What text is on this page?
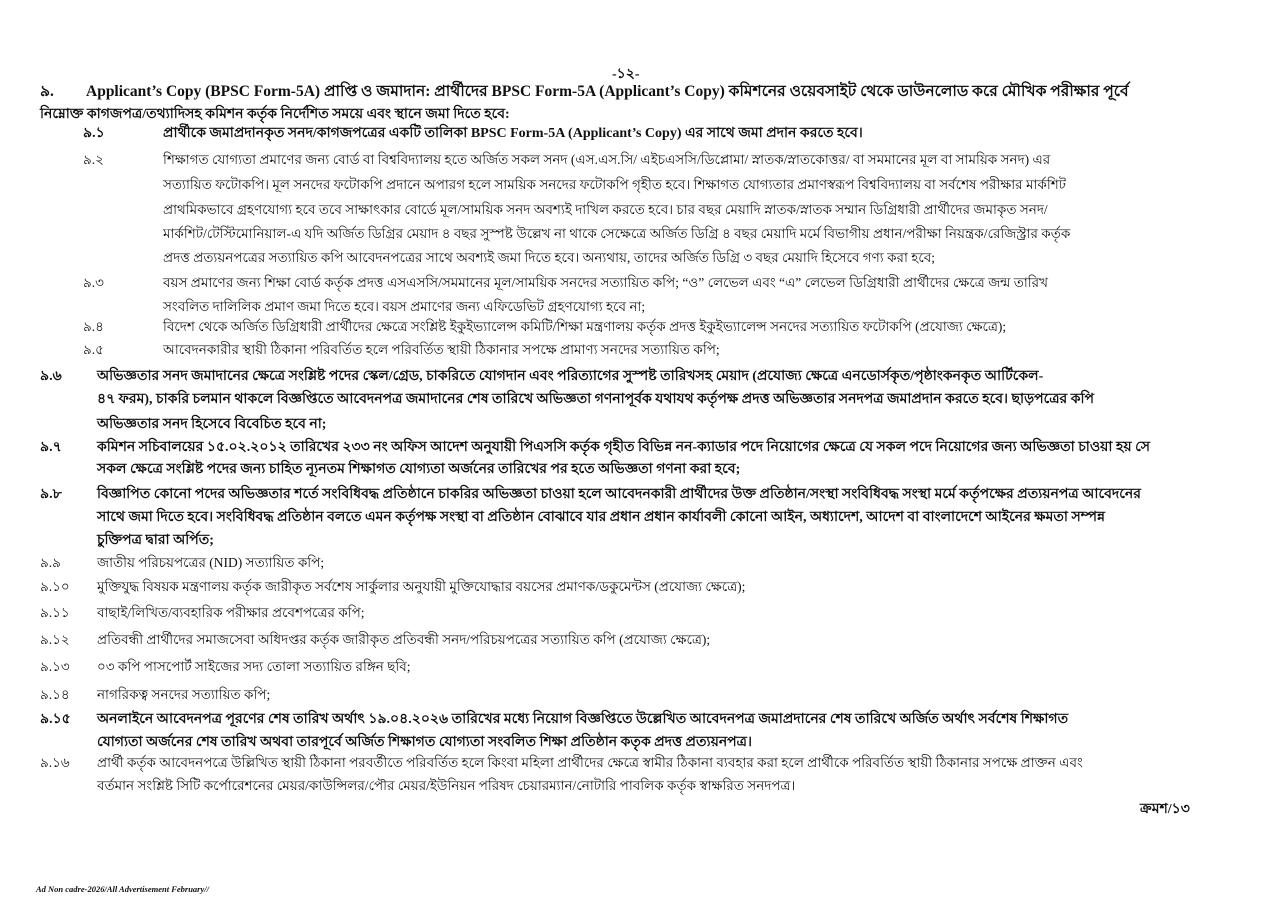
-১২-
৯. Applicant’s Copy (BPSC Form-5A) প্রাপ্তি ও জমাদান: প্রার্থীদের BPSC Form-5A (Applicant’s Copy) কমিশনের ওয়েবসাইট থেকে ডাউনলোড করে মৌখিক পরীক্ষার পূর্বে
নিম্নোক্ত কাগজপত্র/তথ্যাদিসহ কমিশন কর্তৃক নির্দেশিত সময়ে এবং স্থানে জমা দিতে হবে:
৯.১	প্রার্থীকে জমাপ্রদানকৃত সনদ/কাগজপত্রের একটি তালিকা BPSC Form-5A (Applicant’s Copy) এর সাথে জমা প্রদান করতে হবে।
৯.২	শিক্ষাগত যোগ্যতা প্রমাণের জন্য বোর্ড বা বিশ্ববিদ্যালয় হতে অর্জিত সকল সনদ (এস.এস.সি/ এইচএসসি/ডিপ্লোমা/ স্নাতক/স্নাতকোত্তর/ বা সমমানের মূল বা সাময়িক সনদ) এর
সত্যায়িত ফটোকপি। মূল সনদের ফটোকপি প্রদানে অপারগ হলে সাময়িক সনদের ফটোকপি গৃহীত হবে। শিক্ষাগত যোগ্যতার প্রমাণস্বরূপ বিশ্ববিদ্যালয় বা সর্বশেষ পরীক্ষার মার্কশিট
প্রাথমিকভাবে গ্রহণযোগ্য হবে তবে সাক্ষাৎকার বোর্ডে মূল/সাময়িক সনদ অবশ্যই দাখিল করতে হবে। চার বছর মেয়াদি স্নাতক/স্নাতক সম্মান ডিগ্রিধারী প্রার্থীদের জমাকৃত সনদ/
মার্কশিট/টেস্টিমোনিয়াল-এ যদি অর্জিত ডিগ্রির মেয়াদ ৪ বছর সুস্পষ্ট উল্লেখ না থাকে সেক্ষেত্রে অর্জিত ডিগ্রি ৪ বছর মেয়াদি মর্মে বিভাগীয় প্রধান/পরীক্ষা নিয়ন্ত্রক/রেজিস্ট্রার কর্তৃক
প্রদত্ত প্রত্যয়নপত্রের সত্যায়িত কপি আবেদনপত্রের সাথে অবশ্যই জমা দিতে হবে। অন্যথায়, তাদের অর্জিত ডিগ্রি ৩ বছর মেয়াদি হিসেবে গণ্য করা হবে;
৯.৩	বয়স প্রমাণের জন্য শিক্ষা বোর্ড কর্তৃক প্রদত্ত এসএসসি/সমমানের মূল/সাময়িক সনদের সত্যায়িত কপি; “ও” লেভেল এবং “এ” লেভেল ডিগ্রিধারী প্রার্থীদের ক্ষেত্রে জন্ম তারিখ
সংবলিত দালিলিক প্রমাণ জমা দিতে হবে। বয়স প্রমাণের জন্য এফিডেভিট গ্রহণযোগ্য হবে না;
৯.৪	বিদেশ থেকে অর্জিত ডিগ্রিধারী প্রার্থীদের ক্ষেত্রে সংশ্লিষ্ট ইকুইভ্যালেন্স কমিটি/শিক্ষা মন্ত্রণালয় কর্তৃক প্রদত্ত ইকুইভ্যালেন্স সনদের সত্যায়িত ফটোকপি (প্রযোজ্য ক্ষেত্রে);
৯.৫	আবেদনকারীর স্থায়ী ঠিকানা পরিবর্তিত হলে পরিবর্তিত স্থায়ী ঠিকানার সপক্ষে প্রামাণ্য সনদের সত্যায়িত কপি;
৯.৬	অভিজ্ঞতার সনদ জমাদানের ক্ষেত্রে সংশ্লিষ্ট পদের স্কেল/গ্রেড, চাকরিতে যোগদান এবং পরিত্যাগের সুস্পষ্ট তারিখসহ মেয়াদ (প্রযোজ্য ক্ষেত্রে এনডোর্সকৃত/পৃষ্ঠাংকনকৃত আর্টিকেল-
৪৭ ফরম), চাকরি চলমান থাকলে বিজ্ঞপ্তিতে আবেদনপত্র জমাদানের শেষ তারিখে অভিজ্ঞতা গণনাপূর্বক যথাযথ কর্তৃপক্ষ প্রদত্ত অভিজ্ঞতার সনদপত্র জমাপ্রদান করতে হবে। ছাড়পত্রের কপি
অভিজ্ঞতার সনদ হিসেবে বিবেচিত হবে না;
৯.৭	কমিশন সচিবালয়ের ১৫.০২.২০১২ তারিখের ২৩৩ নং অফিস আদেশ অনুযায়ী পিএসসি কর্তৃক গৃহীত বিভিন্ন নন-ক্যাডার পদে নিয়োগের ক্ষেত্রে যে সকল পদে নিয়োগের জন্য অভিজ্ঞতা চাওয়া হয় সে
সকল ক্ষেত্রে সংশ্লিষ্ট পদের জন্য চাহিত ন্যূনতম শিক্ষাগত যোগ্যতা অর্জনের তারিখের পর হতে অভিজ্ঞতা গণনা করা হবে;
৯.৮	বিজ্ঞাপিত কোনো পদের অভিজ্ঞতার শর্তে সংবিধিবদ্ধ প্রতিষ্ঠানে চাকরির অভিজ্ঞতা চাওয়া হলে আবেদনকারী প্রার্থীদের উক্ত প্রতিষ্ঠান/সংস্থা সংবিধিবদ্ধ সংস্থা মর্মে কর্তৃপক্ষের প্রত্যয়নপত্র আবেদনের
সাথে জমা দিতে হবে। সংবিধিবদ্ধ প্রতিষ্ঠান বলতে এমন কর্তৃপক্ষ সংস্থা বা প্রতিষ্ঠান বোঝাবে যার প্রধান প্রধান কার্যাবলী কোনো আইন, অধ্যাদেশ, আদেশ বা বাংলাদেশে আইনের ক্ষমতা সম্পন্ন
চুক্তিপত্র দ্বারা অর্পিত;
৯.৯	জাতীয় পরিচয়পত্রের (NID) সত্যায়িত কপি;
৯.১০ মুক্তিযুদ্ধ বিষয়ক মন্ত্রণালয় কর্তৃক জারীকৃত সর্বশেষ সার্কুলার অনুযায়ী মুক্তিযোদ্ধার বয়সের প্রমাণক/ডকুমেন্টস (প্রযোজ্য ক্ষেত্রে);
৯.১১ বাছাই/লিখিত/ব্যবহারিক পরীক্ষার প্রবেশপত্রের কপি;
৯.১২ প্রতিবন্ধী প্রার্থীদের সমাজসেবা অধিদপ্তর কর্তৃক জারীকৃত প্রতিবন্ধী সনদ/পরিচয়পত্রের সত্যায়িত কপি (প্রযোজ্য ক্ষেত্রে);
৯.১৩ ০৩ কপি পাসপোর্ট সাইজের সদ্য তোলা সত্যায়িত রঙ্গিন ছবি;
৯.১৪ নাগরিকত্ব সনদের সত্যায়িত কপি;
৯.১৫ অনলাইনে আবেদনপত্র পূরণের শেষ তারিখ অর্থাৎ ১৯.০৪.২০২৬ তারিখের মধ্যে নিয়োগ বিজ্ঞপ্তিতে উল্লেখিত আবেদনপত্র জমাপ্রদানের শেষ তারিখে অর্জিত অর্থাৎ সর্বশেষ শিক্ষাগত
যোগ্যতা অর্জনের শেষ তারিখ অথবা তারপূর্বে অর্জিত শিক্ষাগত যোগ্যতা সংবলিত শিক্ষা প্রতিষ্ঠান কতৃক প্রদত্ত প্রত্যয়নপত্র।
৯.১৬ প্রার্থী কর্তৃক আবেদনপত্রে উল্লিখিত স্থায়ী ঠিকানা পরবর্তীতে পরিবর্তিত হলে কিংবা মহিলা প্রার্থীদের ক্ষেত্রে স্বামীর ঠিকানা ব্যবহার করা হলে প্রার্থীকে পরিবর্তিত স্থায়ী ঠিকানার সপক্ষে প্রাক্তন এবং
বর্তমান সংশ্লিষ্ট সিটি কর্পোরেশনের মেয়র/কাউন্সিলর/পৌর মেয়র/ইউনিয়ন পরিষদ চেয়ারম্যান/নোটারি পাবলিক কর্তৃক স্বাক্ষরিত সনদপত্র।
ক্রমশ/১৩
Ad Non cadre-2026/All Advertisement February//
